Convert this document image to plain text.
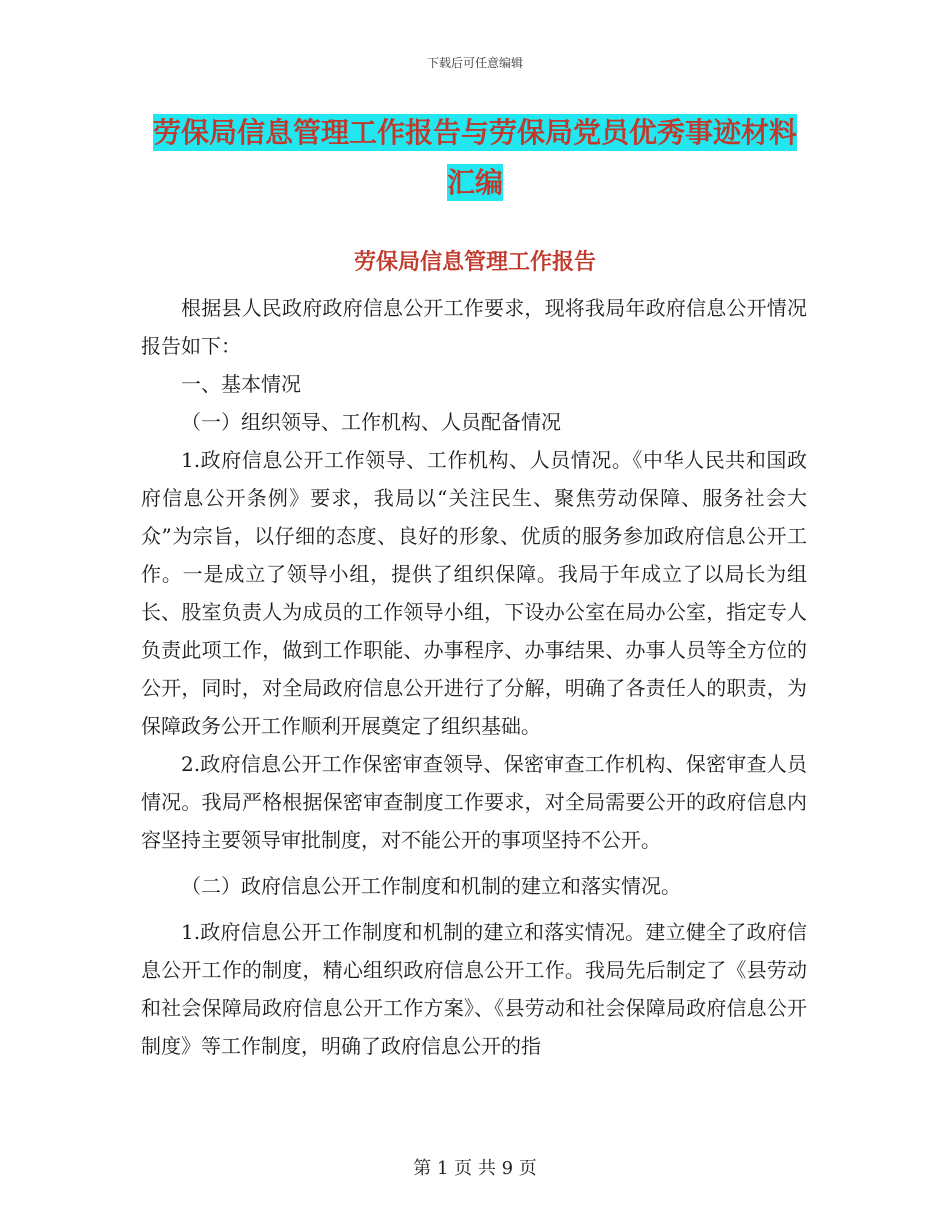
下载后可任意编辑
劳保局信息管理工作报告与劳保局党员优秀事迹材料
汇编
劳保局信息管理工作报告

根据县人民政府政府信息公开工作要求，现将我局年政府信息公开情况报告如下：

一、基本情况

（一）组织领导、工作机构、人员配备情况

1.政府信息公开工作领导、工作机构、人员情况。《中华人民共和国政府信息公开条例》要求，我局以“关注民生、聚焦劳动保障、服务社会大众”为宗旨，以仔细的态度、良好的形象、优质的服务参加政府信息公开工作。一是成立了领导小组，提供了组织保障。我局于年成立了以局长为组长、股室负责人为成员的工作领导小组，下设办公室在局办公室，指定专人负责此项工作，做到工作职能、办事程序、办事结果、办事人员等全方位的公开，同时，对全局政府信息公开进行了分解，明确了各责任人的职责，为保障政务公开工作顺利开展奠定了组织基础。

2.政府信息公开工作保密审查领导、保密审查工作机构、保密审查人员情况。我局严格根据保密审查制度工作要求，对全局需要公开的政府信息内容坚持主要领导审批制度，对不能公开的事项坚持不公开。

（二）政府信息公开工作制度和机制的建立和落实情况。

1.政府信息公开工作制度和机制的建立和落实情况。建立健全了政府信息公开工作的制度，精心组织政府信息公开工作。我局先后制定了《县劳动和社会保障局政府信息公开工作方案》、《县劳动和社会保障局政府信息公开制度》等工作制度，明确了政府信息公开的指

第 1 页 共 9 页
